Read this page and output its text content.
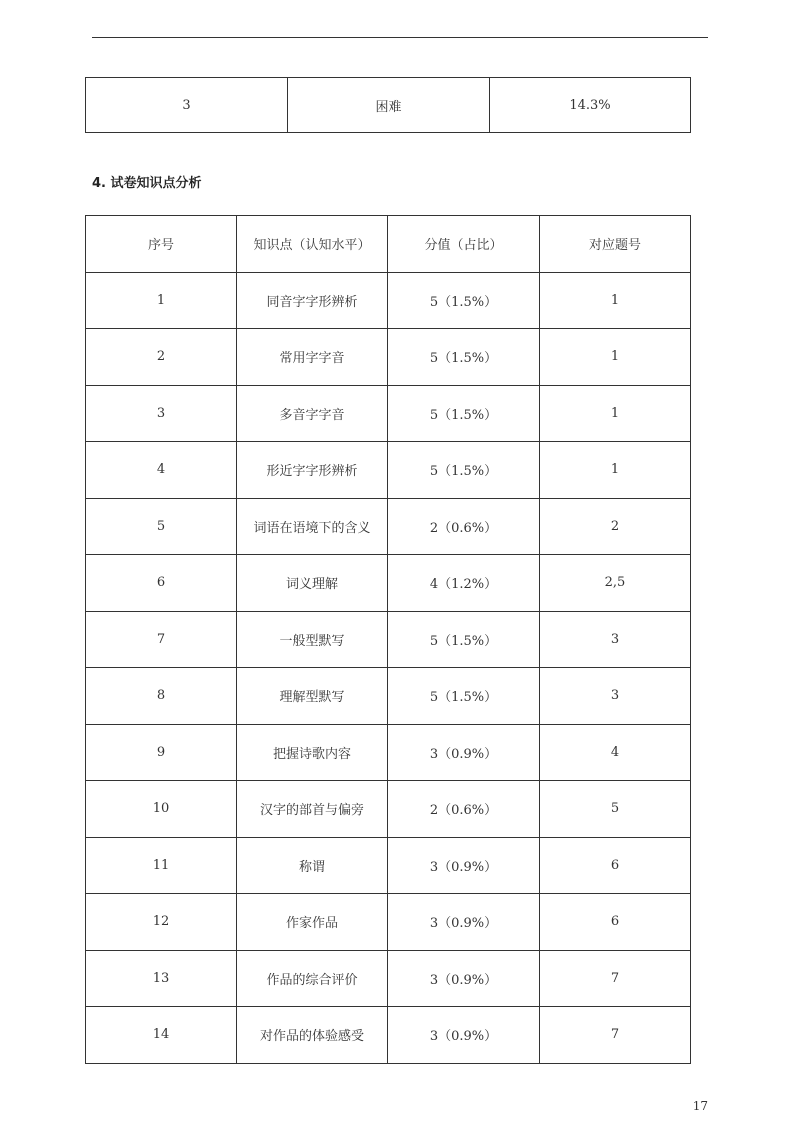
3	困难	14.3%
4. 试卷知识点分析
序号	知识点（认知水平）	分值（占比）	对应题号
1	同音字字形辨析	5（1.5%）	1
2	常用字字音	5（1.5%）	1
3	多音字字音	5（1.5%）	1
4	形近字字形辨析	5（1.5%）	1
5	词语在语境下的含义	2（0.6%）	2
6	词义理解	4（1.2%）	2,5
7	一般型默写	5（1.5%）	3
8	理解型默写	5（1.5%）	3
9	把握诗歌内容	3（0.9%）	4
10	汉字的部首与偏旁	2（0.6%）	5
11	称谓	3（0.9%）	6
12	作家作品	3（0.9%）	6
13	作品的综合评价	3（0.9%）	7
14	对作品的体验感受	3（0.9%）	7
17
